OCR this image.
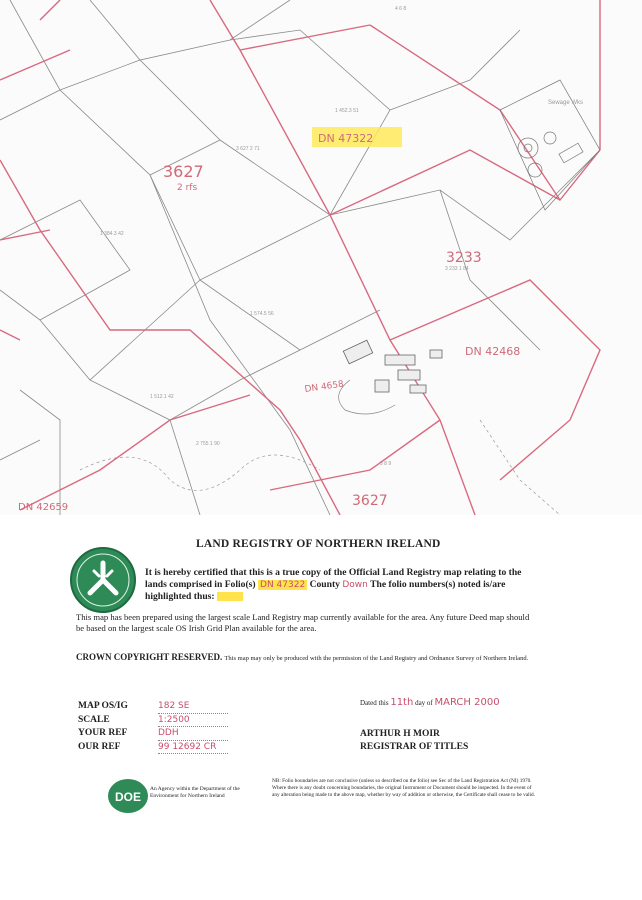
Sewage Wks
DN 47322
3627
2 rfs
3233
DN 42468
DN 4658
3627
DN 42659
1 452.3 51
3 627 2 71
1 384.3 42
1 574.5 56
3 233 1 84
2 755 1 90
1 512.1 42
4 6 8
3 8 9
LAND REGISTRY OF NORTHERN IRELAND
It is hereby certified that this is a true copy of the Official Land Registry map relating to the lands comprised in Folio(s) DN 47322 County Down The folio numbers(s) noted is/are highlighted thus:
This map has been prepared using the largest scale Land Registry map currently available for the area. Any future Deed map should be based on the largest scale OS Irish Grid Plan available for the area.
CROWN COPYRIGHT RESERVED. This map may only be produced with the permission of the Land Registry and Ordnance Survey of Northern Ireland.
MAP OS/IG	182 SE
SCALE	1:2500
YOUR REF	DDH
OUR REF	99 12692 CR
Dated this 11th day of MARCH 2000
ARTHUR H MOIR
REGISTRAR OF TITLES
DOE
An Agency within the Department of the Environment for Northern Ireland
NB: Folio boundaries are not conclusive (unless so described on the folio) see Sec of the Land Registration Act (NI) 1970. Where there is any doubt concerning boundaries, the original Instrument or Document should be inspected. In the event of any alteration being made to the above map, whether by way of addition or otherwise, the Certificate shall cease to be valid.
